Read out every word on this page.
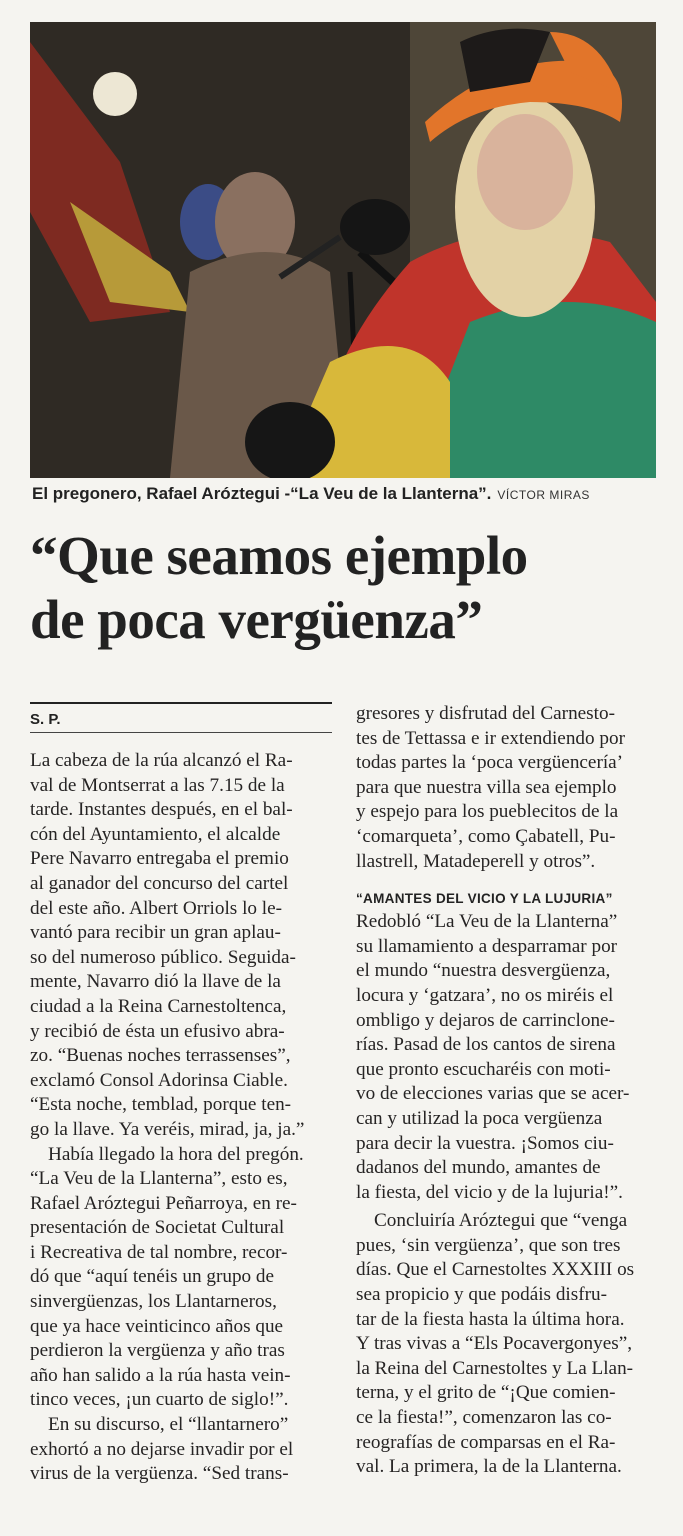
El pregonero, Rafael Aróztegui -“La Veu de la Llanterna”. VÍCTOR MIRAS
“Que seamos ejemplo
de poca vergüenza”
S. P.
La cabeza de la rúa alcanzó el Ra-
val de Montserrat a las 7.15 de la
tarde. Instantes después, en el bal-
cón del Ayuntamiento, el alcalde
Pere Navarro entregaba el premio
al ganador del concurso del cartel
del este año. Albert Orriols lo le-
vantó para recibir un gran aplau-
so del numeroso público. Seguida-
mente, Navarro dió la llave de la
ciudad a la Reina Carnestoltenca,
y recibió de ésta un efusivo abra-
zo. “Buenas noches terrassenses”,
exclamó Consol Adorinsa Ciable.
“Esta noche, temblad, porque ten-
go la llave. Ya veréis, mirad, ja, ja.”
Había llegado la hora del pregón.
“La Veu de la Llanterna”, esto es,
Rafael Aróztegui Peñarroya, en re-
presentación de Societat Cultural
i Recreativa de tal nombre, recor-
dó que “aquí tenéis un grupo de
sinvergüenzas, los Llantarneros,
que ya hace veinticinco años que
perdieron la vergüenza y año tras
año han salido a la rúa hasta vein-
tinco veces, ¡un cuarto de siglo!”.
En su discurso, el “llantarnero”
exhortó a no dejarse invadir por el
virus de la vergüenza. “Sed trans-
gresores y disfrutad del Carnesto-
tes de Tettassa e ir extendiendo por
todas partes la ‘poca vergüencería’
para que nuestra villa sea ejemplo
y espejo para los pueblecitos de la
‘comarqueta’, como Çabatell, Pu-
llastrell, Matadeperell y otros”.
“AMANTES DEL VICIO Y LA LUJURIA”
Redobló “La Veu de la Llanterna”
su llamamiento a desparramar por
el mundo “nuestra desvergüenza,
locura y ‘gatzara’, no os miréis el
ombligo y dejaros de carrinclone-
rías. Pasad de los cantos de sirena
que pronto escucharéis con moti-
vo de elecciones varias que se acer-
can y utilizad la poca vergüenza
para decir la vuestra. ¡Somos ciu-
dadanos del mundo, amantes de
la fiesta, del vicio y de la lujuria!”.
Concluiría Aróztegui que “venga
pues, ‘sin vergüenza’, que son tres
días. Que el Carnestoltes XXXIII os
sea propicio y que podáis disfru-
tar de la fiesta hasta la última hora.
Y tras vivas a “Els Pocavergonyes”,
la Reina del Carnestoltes y La Llan-
terna, y el grito de “¡Que comien-
ce la fiesta!”, comenzaron las co-
reografías de comparsas en el Ra-
val. La primera, la de la Llanterna.
